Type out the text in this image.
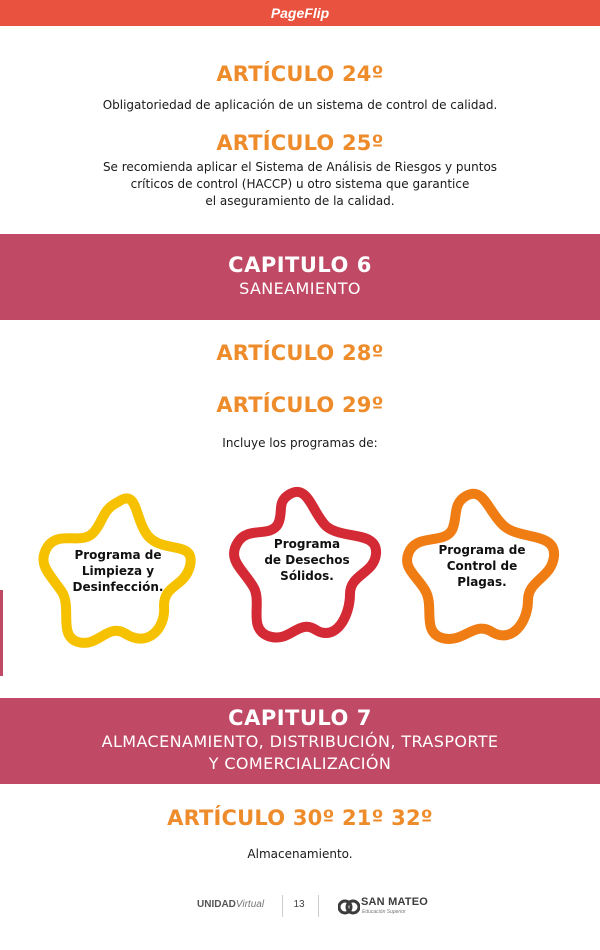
PageFlip
ARTÍCULO 24º
Obligatoriedad de aplicación de un sistema de control de calidad.
ARTÍCULO 25º
Se recomienda aplicar el Sistema de Análisis de Riesgos y puntos
críticos de control (HACCP) u otro sistema que garantice
el aseguramiento de la calidad.
CAPITULO 6
SANEAMIENTO
ARTÍCULO 28º
ARTÍCULO 29º
Incluye los programas de:
Programa de
Limpieza y
Desinfección.
Programa
de Desechos
Sólidos.
Programa de
Control de
Plagas.
CAPITULO 7
ALMACENAMIENTO, DISTRIBUCIÓN, TRASPORTE
Y COMERCIALIZACIÓN
ARTÍCULO 30º 21º 32º
Almacenamiento.
UNIDADVirtual	13	SAN MATEO
Educación Superior
